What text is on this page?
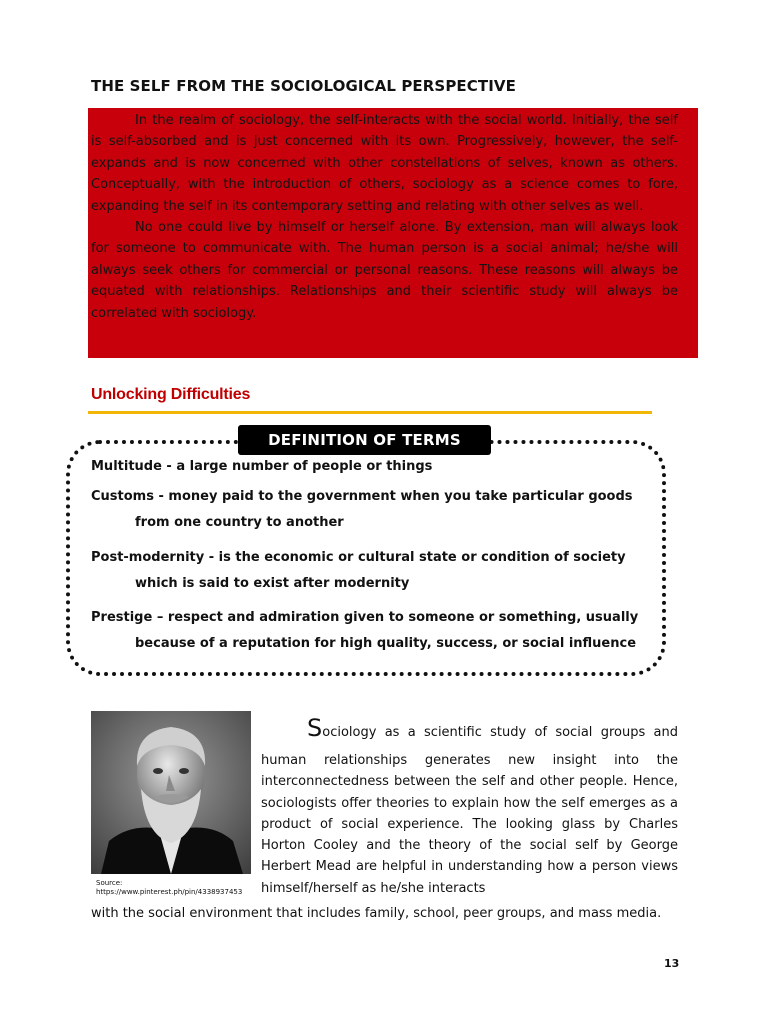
THE SELF FROM THE SOCIOLOGICAL PERSPECTIVE

In the realm of sociology, the self-interacts with the social world. Initially, the self is self-absorbed and is just concerned with its own. Progressively, however, the self-expands and is now concerned with other constellations of selves, known as others. Conceptually, with the introduction of others, sociology as a science comes to fore, expanding the self in its contemporary setting and relating with other selves as well.

No one could live by himself or herself alone. By extension, man will always look for someone to communicate with. The human person is a social animal; he/she will always seek others for commercial or personal reasons. These reasons will always be equated with relationships. Relationships and their scientific study will always be correlated with sociology.

Unlocking Difficulties
DEFINITION OF TERMS
Multitude - a large number of people or things
Customs - money paid to the government when you take particular goods
from one country to another
Post-modernity - is the economic or cultural state or condition of society
which is said to exist after modernity
Prestige – respect and admiration given to someone or something, usually
because of a reputation for high quality, success, or social influence
Source:
https://www.pinterest.ph/pin/4338937453
Sociology as a scientific study of social groups and
human relationships generates new insight into the interconnectedness between the self and other people. Hence, sociologists offer theories to explain how the self emerges as a product of social experience. The looking glass by Charles Horton Cooley and the theory of the social self by George Herbert Mead are helpful in understanding how a person views himself/herself as he/she interacts
with the social environment that includes family, school, peer groups, and mass media.
13
